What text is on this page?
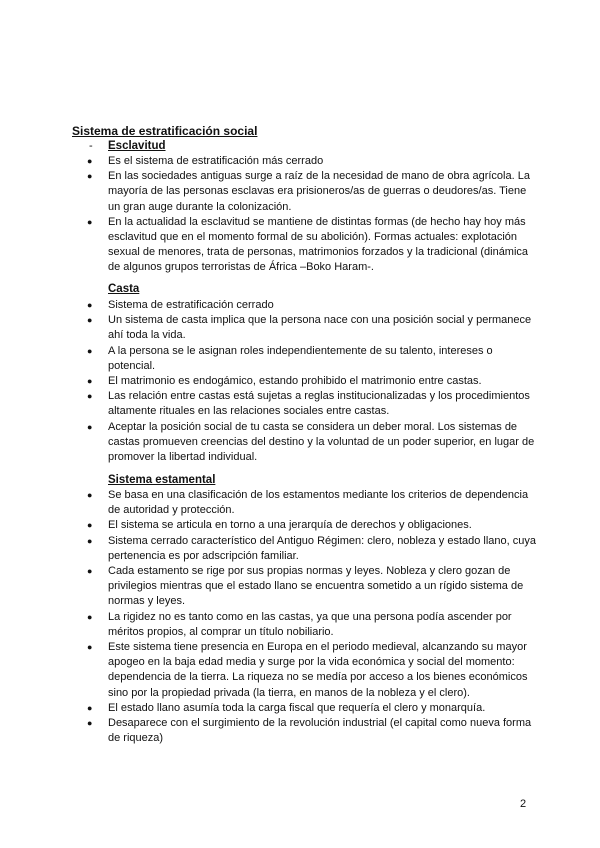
Sistema de estratificación social
- Esclavitud
● Es el sistema de estratificación más cerrado
● En las sociedades antiguas surge a raíz de la necesidad de mano de obra agrícola. La mayoría de las personas esclavas era prisioneros/as de guerras o deudores/as. Tiene un gran auge durante la colonización.
● En la actualidad la esclavitud se mantiene de distintas formas (de hecho hay hoy más esclavitud que en el momento formal de su abolición). Formas actuales: explotación sexual de menores, trata de personas, matrimonios forzados y la tradicional (dinámica de algunos grupos terroristas de África –Boko Haram-.
Casta
● Sistema de estratificación cerrado
● Un sistema de casta implica que la persona nace con una posición social y permanece ahí toda la vida.
● A la persona se le asignan roles independientemente de su talento, intereses o potencial.
● El matrimonio es endogámico, estando prohibido el matrimonio entre castas.
● Las relación entre castas está sujetas a reglas institucionalizadas y los procedimientos altamente rituales en las relaciones sociales entre castas.
● Aceptar la posición social de tu casta se considera un deber moral. Los sistemas de castas promueven creencias del destino y la voluntad de un poder superior, en lugar de promover la libertad individual.
Sistema estamental
● Se basa en una clasificación de los estamentos mediante los criterios de dependencia de autoridad y protección.
● El sistema se articula en torno a una jerarquía de derechos y obligaciones.
● Sistema cerrado característico del Antiguo Régimen: clero, nobleza y estado llano, cuya pertenencia es por adscripción familiar.
● Cada estamento se rige por sus propias normas y leyes. Nobleza y clero gozan de privilegios mientras que el estado llano se encuentra sometido a un rígido sistema de normas y leyes.
● La rigidez no es tanto como en las castas, ya que una persona podía ascender por méritos propios, al comprar un título nobiliario.
● Este sistema tiene presencia en Europa en el periodo medieval, alcanzando su mayor apogeo en la baja edad media y surge por la vida económica y social del momento: dependencia de la tierra. La riqueza no se medía por acceso a los bienes económicos sino por la propiedad privada (la tierra, en manos de la nobleza y el clero).
● El estado llano asumía toda la carga fiscal que requería el clero y monarquía.
● Desaparece con el surgimiento de la revolución industrial (el capital como nueva forma de riqueza)
2
